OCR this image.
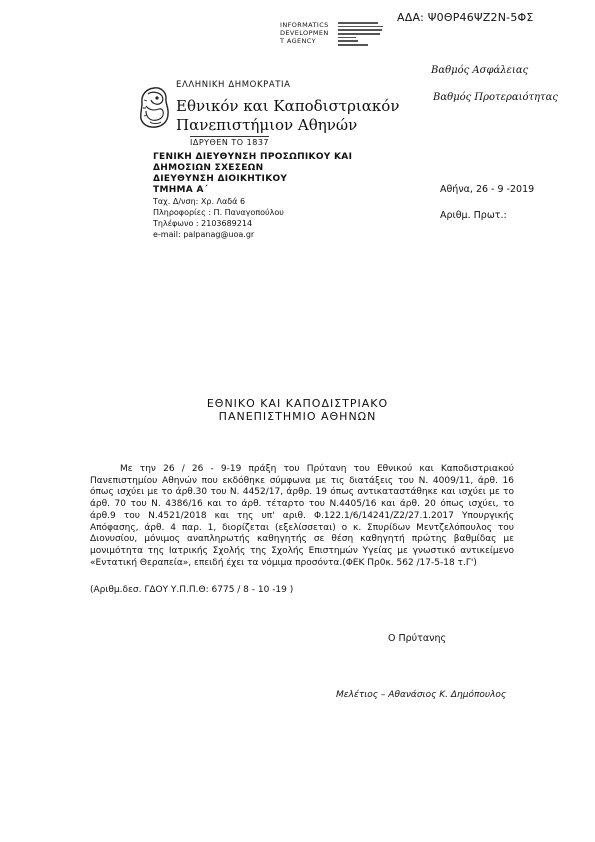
ΑΔΑ: Ψ0ΘΡ46ΨΖ2Ν-5ΦΣ
INFORMATICS
DEVELOPMEN
T AGENCY
ΕΛΛΗΝΙΚΗ ΔΗΜΟΚΡΑΤΙΑ
Εθνικόν και Καποδιστριακόν
Πανεπιστήμιον Αθηνών
ΙΔΡΥΘΕΝ ΤΟ 1837
ΓΕΝΙΚΗ ΔΙΕΥΘΥΝΣΗ ΠΡΟΣΩΠΙΚΟΥ ΚΑΙ
ΔΗΜΟΣΙΩΝ ΣΧΕΣΕΩΝ
ΔΙΕΥΘΥΝΣΗ ΔΙΟΙΚΗΤΙΚΟΥ
ΤΜΗΜΑ Α΄
Ταχ. Δ/νση: Χρ. Λαδά 6
Πληροφορίες : Π. Παναγοπούλου
Τηλέφωνο : 2103689214
e-mail: palpanag@uoa.gr
Βαθμός Ασφάλειας
Βαθμός Προτεραιότητας
Αθήνα, 26 - 9 -2019
Αριθμ. Πρωτ.:
ΕΘΝΙΚΟ ΚΑΙ ΚΑΠΟΔΙΣΤΡΙΑΚΟ
ΠΑΝΕΠΙΣΤΗΜΙΟ ΑΘΗΝΩΝ
Με την 26 / 26 - 9-19 πράξη του Πρύτανη του Εθνικού και Καποδιστριακού Πανεπιστημίου Αθηνών που εκδόθηκε σύμφωνα με τις διατάξεις του Ν. 4009/11, άρθ. 16 όπως ισχύει με το άρθ.30 του Ν. 4452/17, άρθρ. 19 όπως αντικαταστάθηκε και ισχύει με το άρθ. 70 του Ν. 4386/16 και το άρθ. τέταρτο του Ν.4405/16 και άρθ. 20 όπως ισχύει, το άρθ.9 του Ν.4521/2018 και της υπ' αριθ. Φ.122.1/6/14241/Ζ2/27.1.2017 Υπουργικής Απόφασης, άρθ. 4 παρ. 1, διορίζεται (εξελίσσεται) ο κ. Σπυρίδων Μεντζελόπουλος του Διονυσίου, μόνιμος αναπληρωτής καθηγητής σε θέση καθηγητή πρώτης βαθμίδας με μονιμότητα της Ιατρικής Σχολής της Σχολής Επιστημών Υγείας με γνωστικό αντικείμενο «Εντατική Θεραπεία», επειδή έχει τα νόμιμα προσόντα.(ΦΕΚ Πρ0κ. 562 /17-5-18 τ.Γ')
(Αριθμ.δεσ. ΓΔΟΥ Υ.Π.Π.Θ: 6775 / 8 - 10 -19 )
Ο Πρύτανης
Μελέτιος – Αθανάσιος Κ. Δημόπουλος
